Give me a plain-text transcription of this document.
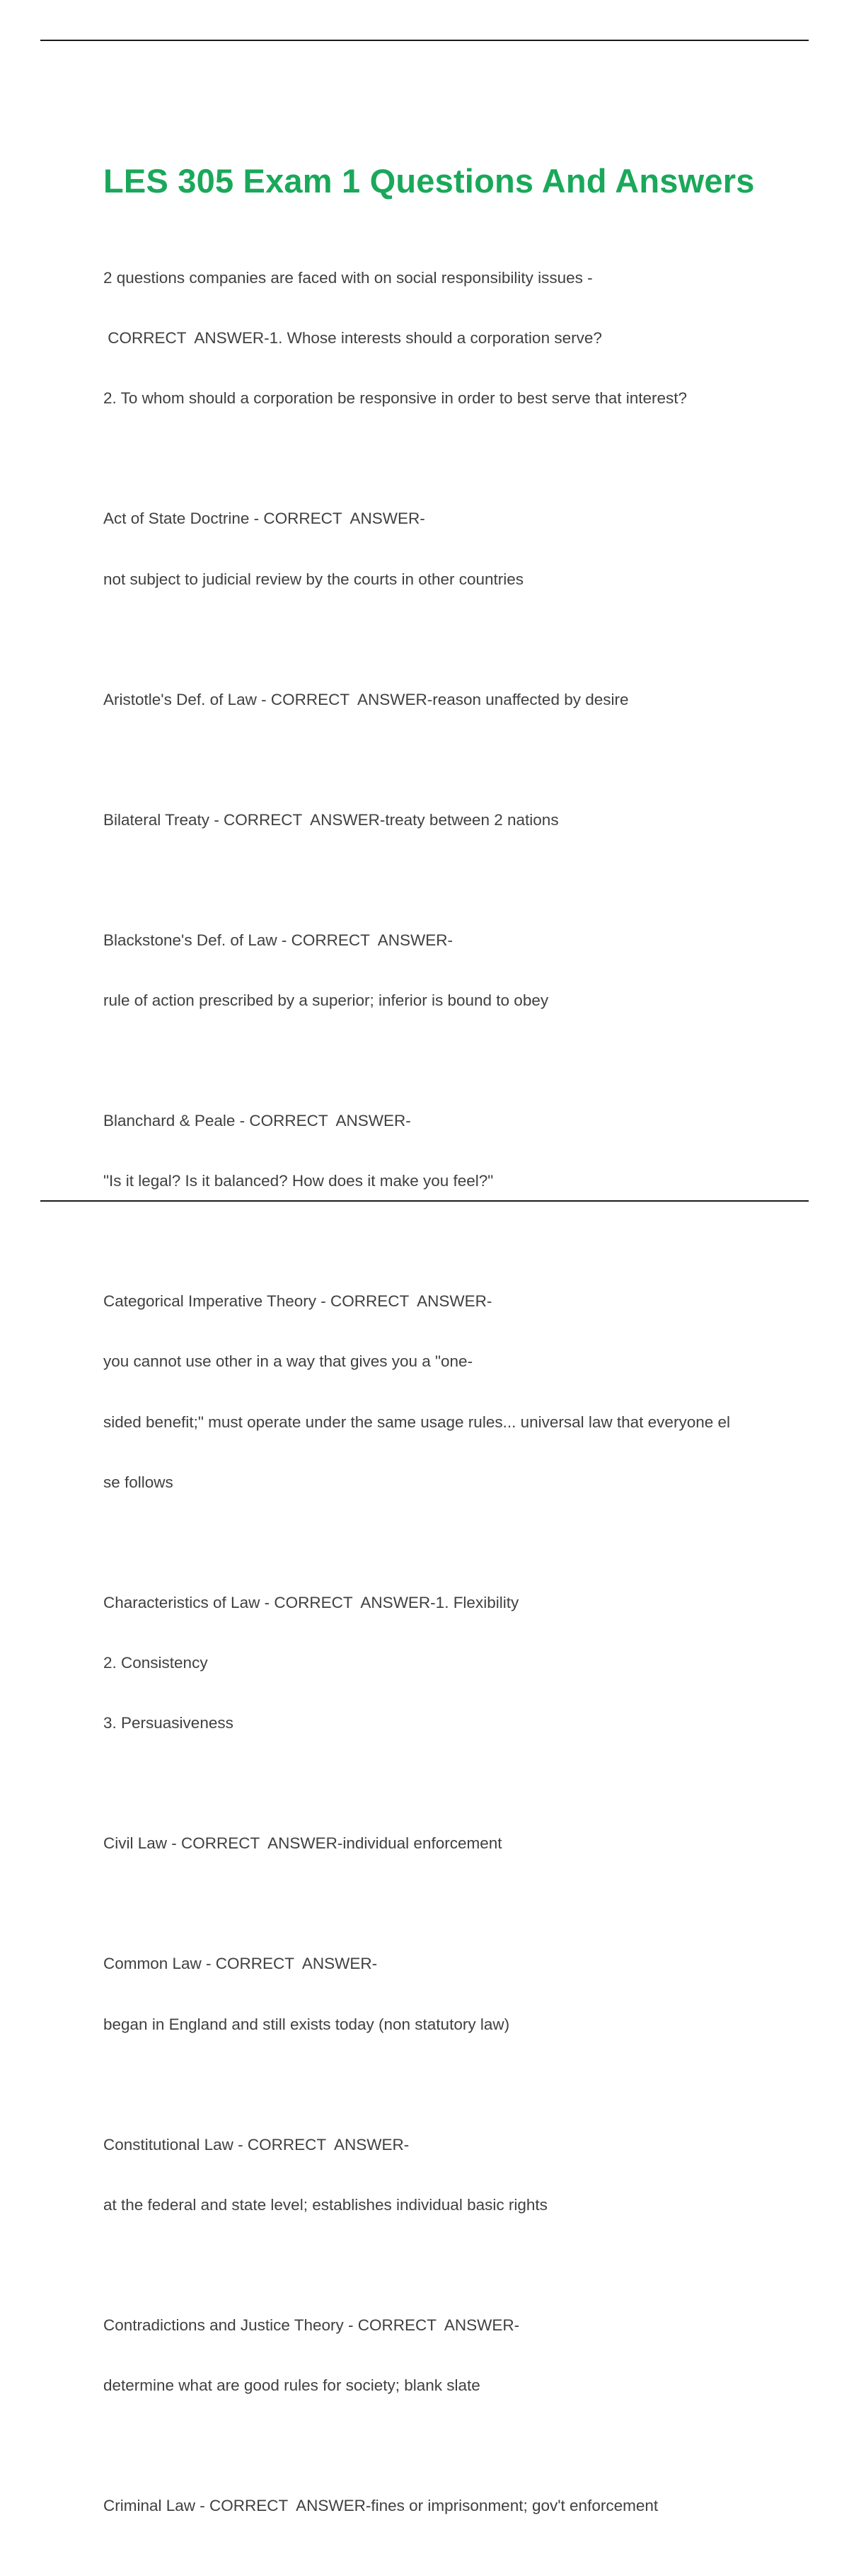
LES 305 Exam 1 Questions And Answers

2 questions companies are faced with on social responsibility issues -

CORRECT  ANSWER-1. Whose interests should a corporation serve?

2. To whom should a corporation be responsive in order to best serve that interest?

Act of State Doctrine - CORRECT  ANSWER-

not subject to judicial review by the courts in other countries

Aristotle's Def. of Law - CORRECT  ANSWER-reason unaffected by desire

Bilateral Treaty - CORRECT  ANSWER-treaty between 2 nations

Blackstone's Def. of Law - CORRECT  ANSWER-

rule of action prescribed by a superior; inferior is bound to obey

Blanchard & Peale - CORRECT  ANSWER-

"Is it legal? Is it balanced? How does it make you feel?"

Categorical Imperative Theory - CORRECT  ANSWER-

you cannot use other in a way that gives you a "one-

sided benefit;" must operate under the same usage rules... universal law that everyone el

se follows

Characteristics of Law - CORRECT  ANSWER-1. Flexibility

2. Consistency

3. Persuasiveness

Civil Law - CORRECT  ANSWER-individual enforcement

Common Law - CORRECT  ANSWER-

began in England and still exists today (non statutory law)

Constitutional Law - CORRECT  ANSWER-

at the federal and state level; establishes individual basic rights

Contradictions and Justice Theory - CORRECT  ANSWER-

determine what are good rules for society; blank slate

Criminal Law - CORRECT  ANSWER-fines or imprisonment; gov't enforcement
